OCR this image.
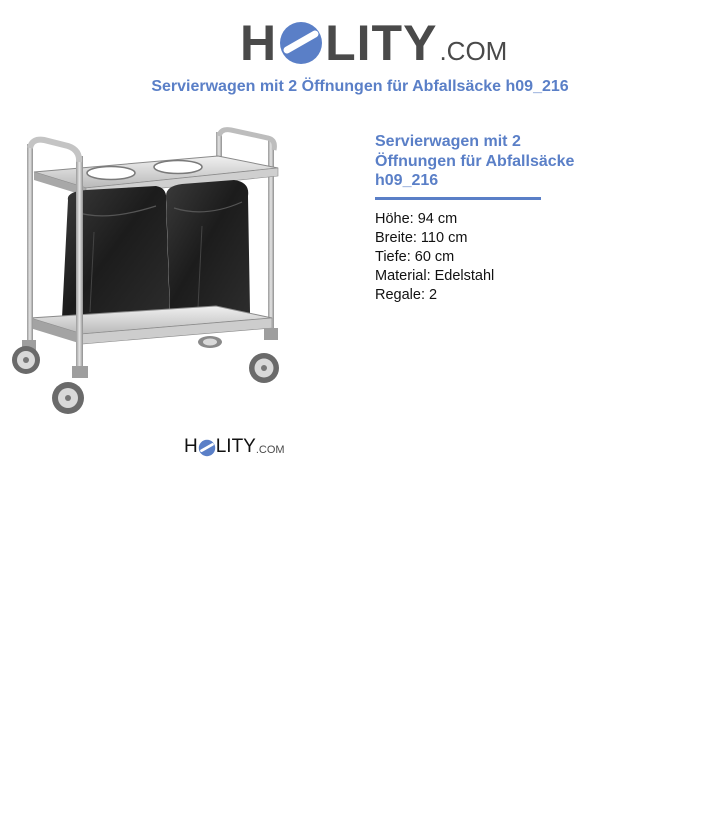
H LITY .COM
Servierwagen mit 2 Öffnungen für Abfallsäcke h09_216
H LITY .COM
Servierwagen mit 2 Öffnungen für Abfallsäcke h09_216
Höhe: 94 cm
Breite: 110 cm
Tiefe: 60 cm
Material: Edelstahl
Regale: 2
